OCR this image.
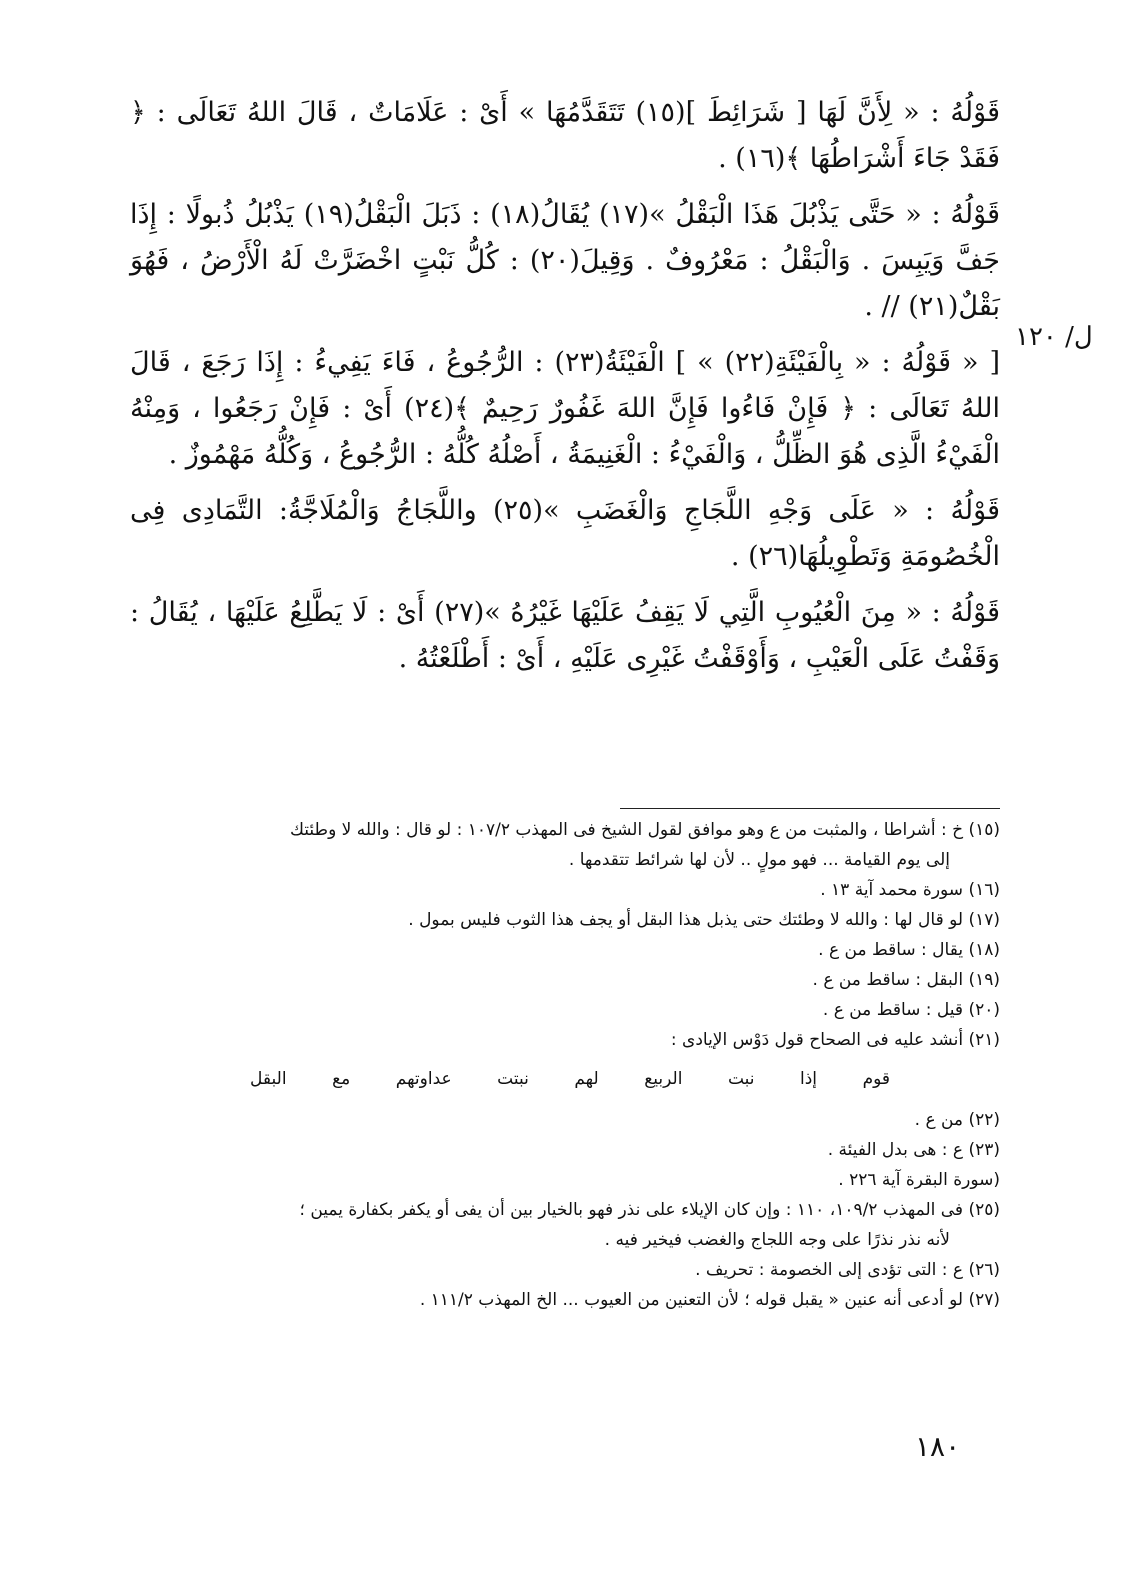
قَوْلُهُ : « لِأَنَّ لَهَا [ شَرَائِطَ ](١٥) تَتَقَدَّمُهَا » أَىْ : عَلَامَاتٌ ، قَالَ اللهُ تَعَالَى : ﴿ فَقَدْ جَاءَ أَشْرَاطُهَا ﴾(١٦) .

قَوْلُهُ : « حَتَّى يَذْبُلَ هَذَا الْبَقْلُ »(١٧) يُقَالُ(١٨) : ذَبَلَ الْبَقْلُ(١٩) يَذْبُلُ ذُبولًا : إِذَا جَفَّ وَيَبِسَ . وَالْبَقْلُ : مَعْرُوفٌ . وَقِيلَ(٢٠) : كُلُّ نَبْتٍ اخْضَرَّتْ لَهُ الْأَرْضُ ، فَهُوَ بَقْلٌ(٢١) // .

[ « قَوْلُهُ : « بِالْفَيْئَةِ(٢٢) » ] الْفَيْئَةُ(٢٣) : الرُّجُوعُ ، فَاءَ يَفِيءُ : إِذَا رَجَعَ ، قَالَ اللهُ تَعَالَى : ﴿ فَإِنْ فَاءُوا فَإِنَّ اللهَ غَفُورٌ رَحِيمٌ ﴾(٢٤) أَىْ : فَإِنْ رَجَعُوا ، وَمِنْهُ الْفَيْءُ الَّذِى هُوَ الظِّلُّ ، وَالْفَيْءُ : الْغَنِيمَةُ ، أَصْلُهُ كُلُّهُ : الرُّجُوعُ ، وَكُلُّهُ مَهْمُوزٌ .

قَوْلُهُ : « عَلَى وَجْهِ اللَّجَاجِ وَالْغَضَبِ »(٢٥) واللَّجَاجُ وَالْمُلَاجَّةُ: التَّمَادِى فِى الْخُصُومَةِ وَتَطْوِيلُهَا(٢٦) .

قَوْلُهُ : « مِنَ الْعُيُوبِ الَّتِي لَا يَقِفُ عَلَيْهَا غَيْرُهُ »(٢٧) أَىْ : لَا يَطَّلِعُ عَلَيْهَا ، يُقَالُ : وَقَفْتُ عَلَى الْعَيْبِ ، وَأَوْقَفْتُ غَيْرِى عَلَيْهِ ، أَىْ : أَطْلَعْتُهُ .

ل/ ١٢٠

(١٥) خ : أشراطا ، والمثبت من ع وهو موافق لقول الشيخ فى المهذب ١٠٧/٢ : لو قال : والله لا وطئتك

إلى يوم القيامة ... فهو مولٍ .. لأن لها شرائط تتقدمها .

(١٦) سورة محمد آية ١٣ .

(١٧) لو قال لها : والله لا وطئتك حتى يذبل هذا البقل أو يجف هذا الثوب فليس بمول .

(١٨) يقال : ساقط من ع .

(١٩) البقل : ساقط من ع .

(٢٠) قيل : ساقط من ع .

(٢١) أنشد عليه فى الصحاح قول دَوْس الإيادى :

قوم
إذا
نبت
الربيع
لهم
نبتت
عداوتهم
مع
البقل

(٢٢) من ع .

(٢٣) ع : هى بدل الفيئة .

(سورة البقرة آية ٢٢٦ .

(٢٥) فى المهذب ١٠٩/٢، ١١٠ : وإن كان الإيلاء على نذر فهو بالخيار بين أن يفى أو يكفر بكفارة يمين ؛

لأنه نذر نذرًا على وجه اللجاج والغضب فيخير فيه .

(٢٦) ع : التى تؤدى إلى الخصومة : تحريف .

(٢٧) لو أدعى أنه عنين « يقبل قوله ؛ لأن التعنين من العيوب ... الخ المهذب ١١١/٢ .

١٨٠
